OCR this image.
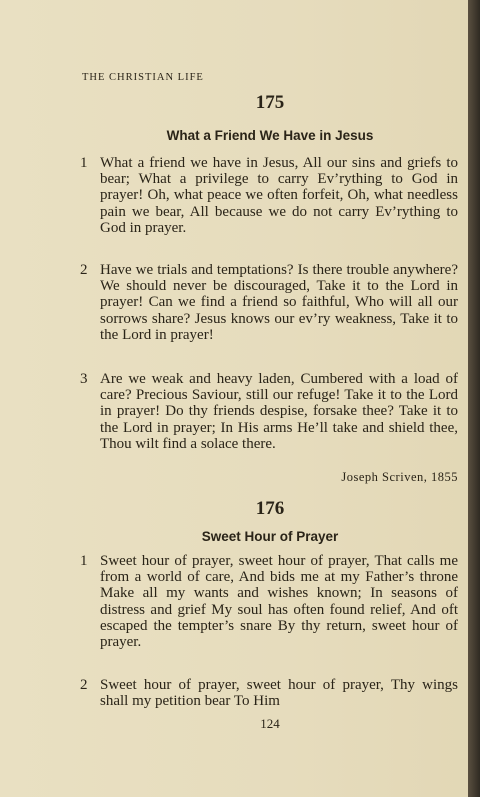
THE CHRISTIAN LIFE
175
What a Friend We Have in Jesus
1 What a friend we have in Jesus, All our sins and griefs to bear; What a privilege to carry Ev’rything to God in prayer! Oh, what peace we often forfeit, Oh, what needless pain we bear, All because we do not carry Ev’rything to God in prayer.
2 Have we trials and temptations? Is there trouble anywhere? We should never be discouraged, Take it to the Lord in prayer! Can we find a friend so faithful, Who will all our sorrows share? Jesus knows our ev’ry weakness, Take it to the Lord in prayer!
3 Are we weak and heavy laden, Cumbered with a load of care? Precious Saviour, still our refuge! Take it to the Lord in prayer! Do thy friends despise, forsake thee? Take it to the Lord in prayer; In His arms He’ll take and shield thee, Thou wilt find a solace there.
Joseph Scriven, 1855
176
Sweet Hour of Prayer
1 Sweet hour of prayer, sweet hour of prayer, That calls me from a world of care, And bids me at my Father’s throne Make all my wants and wishes known; In seasons of distress and grief My soul has often found relief, And oft escaped the tempter’s snare By thy return, sweet hour of prayer.
2 Sweet hour of prayer, sweet hour of prayer, Thy wings shall my petition bear To Him
124
